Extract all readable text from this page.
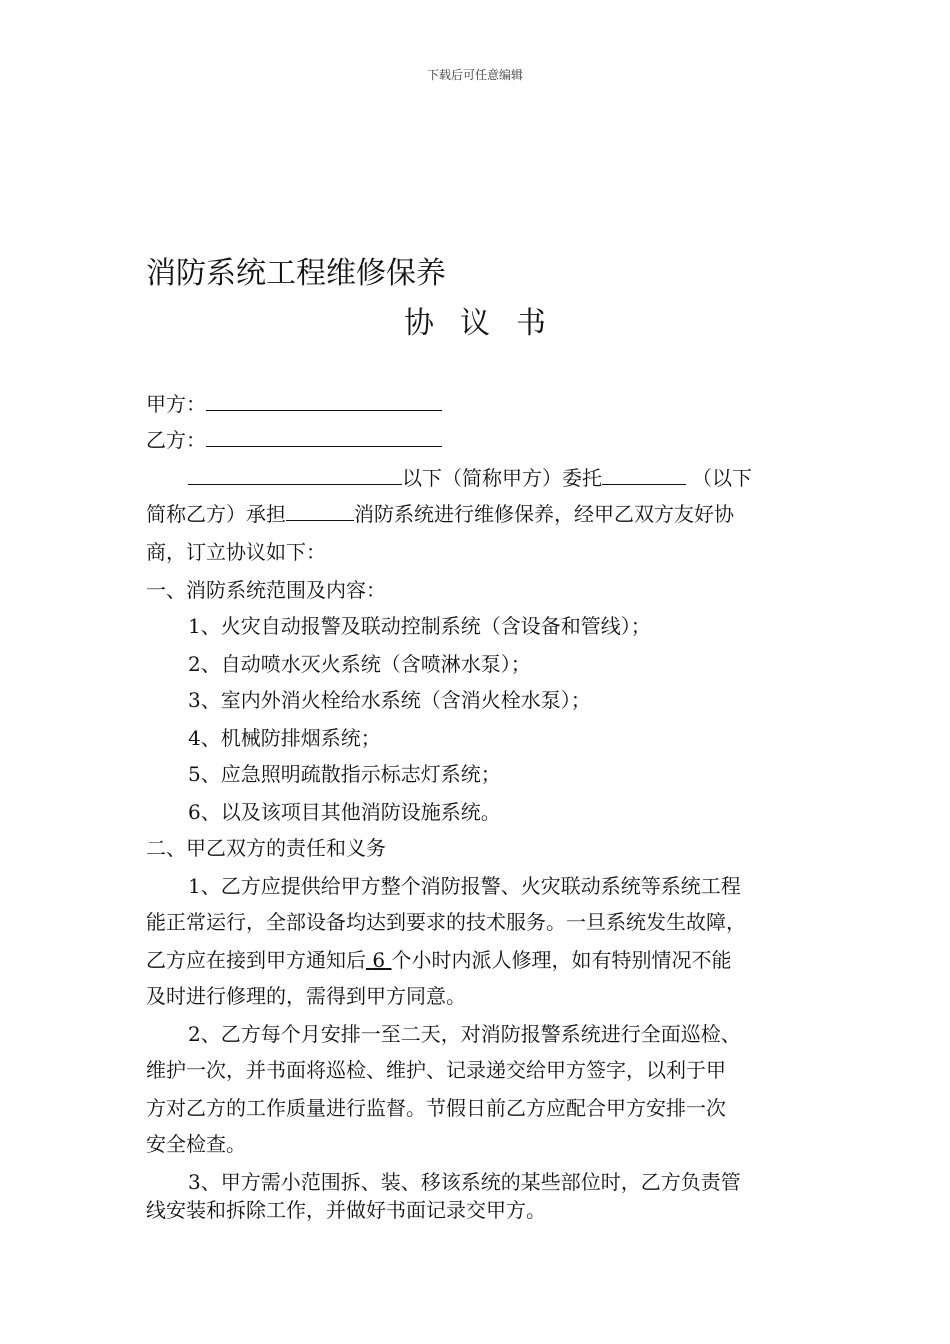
下载后可任意编辑
消防系统工程维修保养
协议书
甲方：
乙方：
以下（简称甲方）委托	（以下
简称乙方）承担	消防系统进行维修保养，经甲乙双方友好协
商，订立协议如下：
一、消防系统范围及内容：
1、火灾自动报警及联动控制系统（含设备和管线）；
2、自动喷水灭火系统（含喷淋水泵）；
3、室内外消火栓给水系统（含消火栓水泵）；
4、机械防排烟系统；
5、应急照明疏散指示标志灯系统；
6、以及该项目其他消防设施系统。
二、甲乙双方的责任和义务
1、乙方应提供给甲方整个消防报警、火灾联动系统等系统工程
能正常运行，全部设备均达到要求的技术服务。一旦系统发生故障，
乙方应在接到甲方通知后 6 个小时内派人修理，如有特别情况不能
及时进行修理的，需得到甲方同意。
2、乙方每个月安排一至二天，对消防报警系统进行全面巡检、
维护一次，并书面将巡检、维护、记录递交给甲方签字，以利于甲
方对乙方的工作质量进行监督。节假日前乙方应配合甲方安排一次
安全检查。
3、甲方需小范围拆、装、移该系统的某些部位时，乙方负责管
线安装和拆除工作，并做好书面记录交甲方。
